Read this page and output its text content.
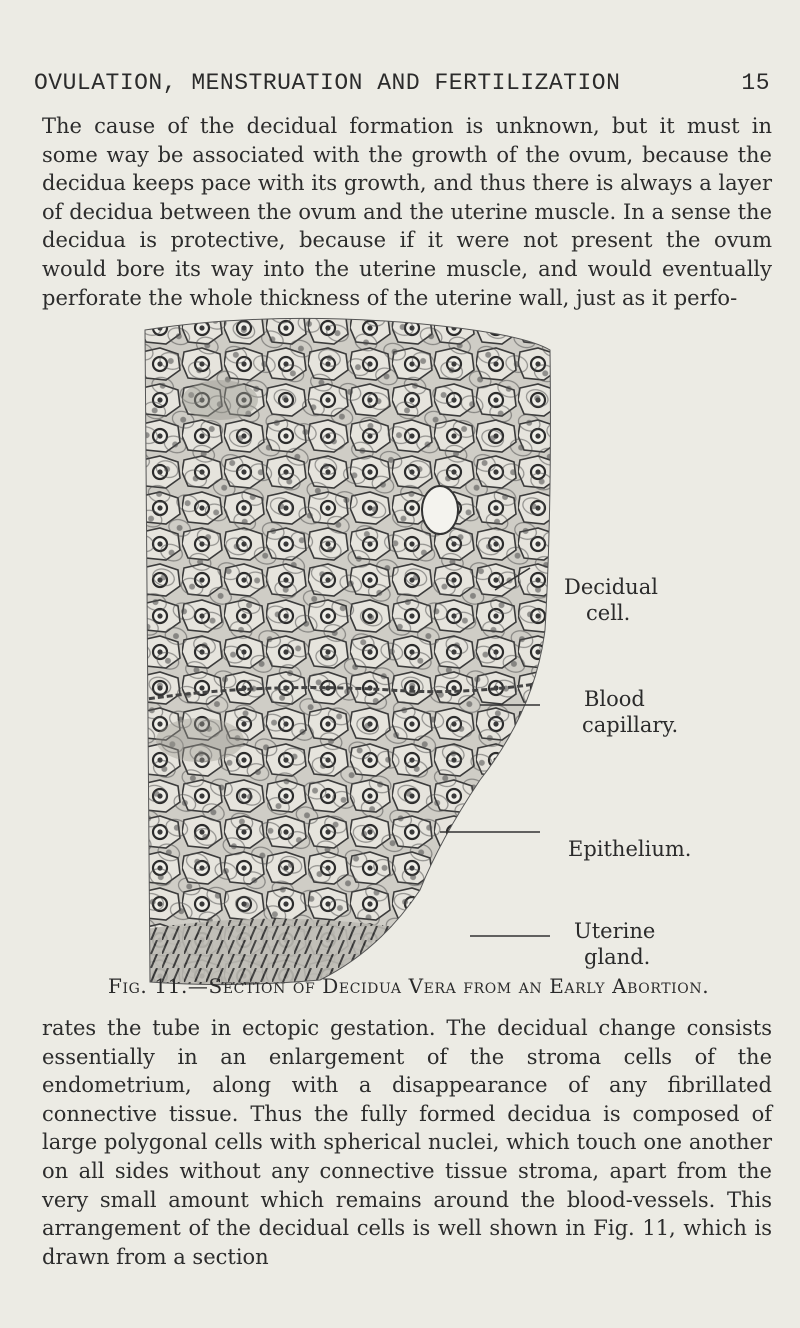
OVULATION, MENSTRUATION AND FERTILIZATION	15
The cause of the decidual formation is unknown, but it must in some way be associated with the growth of the ovum, because the decidua keeps pace with its growth, and thus there is always a layer of decidua between the ovum and the uterine muscle. In a sense the decidua is protective, because if it were not present the ovum would bore its way into the uterine muscle, and would eventually perforate the whole thickness of the uterine wall, just as it perfo-
Decidual
cell.
Blood
capillary.
Epithelium.
Uterine
gland.
Fig. 11.—Section of Decidua Vera from an Early Abortion.
rates the tube in ectopic gestation. The decidual change consists essentially in an enlargement of the stroma cells of the endometrium, along with a disappearance of any fibrillated connective tissue. Thus the fully formed decidua is composed of large polygonal cells with spherical nuclei, which touch one another on all sides without any connective tissue stroma, apart from the very small amount which remains around the blood-vessels. This arrangement of the decidual cells is well shown in Fig. 11, which is drawn from a section
